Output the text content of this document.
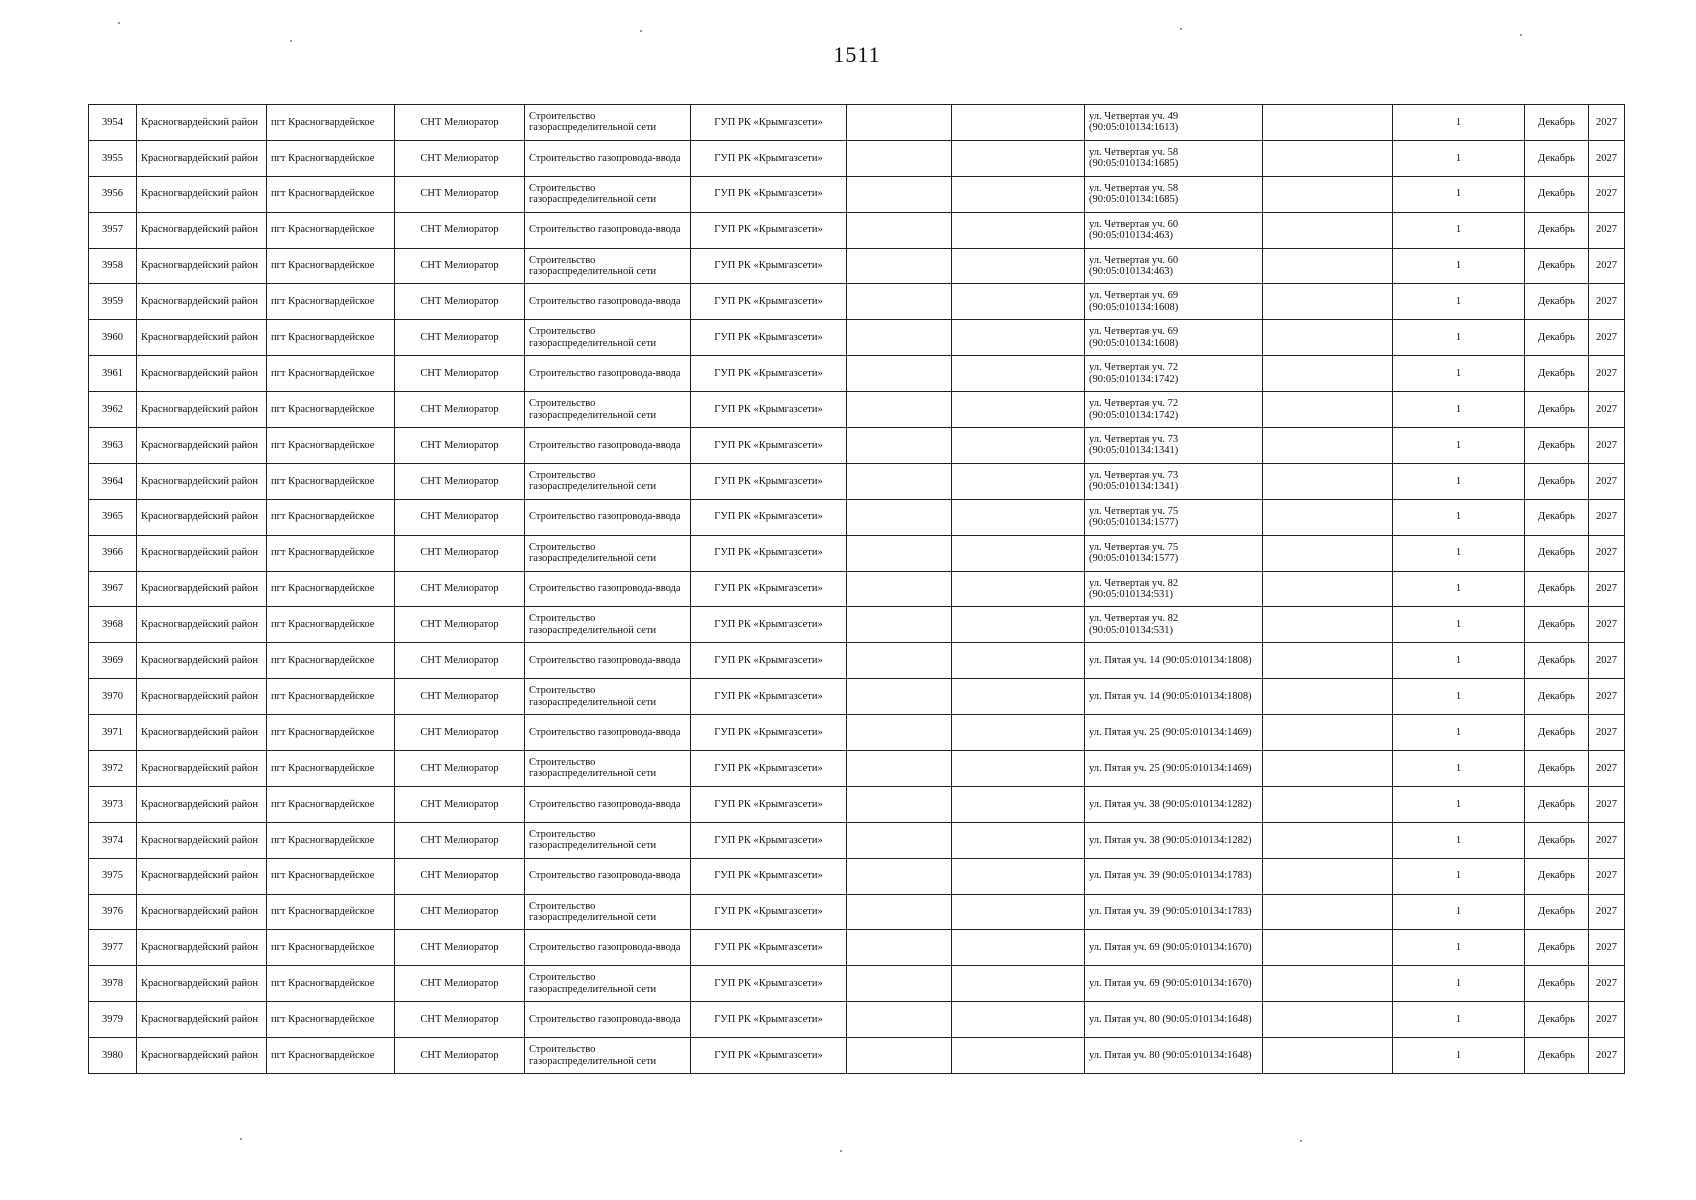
1511
3954	Красногвардейский район	пгт Красногвардейское	СНТ Мелиоратор	Строительство газораспределительной сети	ГУП РК «Крымгазсети»			ул. Четвертая уч. 49 (90:05:010134:1613)		1	Декабрь	2027
3955	Красногвардейский район	пгт Красногвардейское	СНТ Мелиоратор	Строительство газопровода-ввода	ГУП РК «Крымгазсети»			ул. Четвертая уч. 58 (90:05:010134:1685)		1	Декабрь	2027
3956	Красногвардейский район	пгт Красногвардейское	СНТ Мелиоратор	Строительство газораспределительной сети	ГУП РК «Крымгазсети»			ул. Четвертая уч. 58 (90:05:010134:1685)		1	Декабрь	2027
3957	Красногвардейский район	пгт Красногвардейское	СНТ Мелиоратор	Строительство газопровода-ввода	ГУП РК «Крымгазсети»			ул. Четвертая уч. 60 (90:05:010134:463)		1	Декабрь	2027
3958	Красногвардейский район	пгт Красногвардейское	СНТ Мелиоратор	Строительство газораспределительной сети	ГУП РК «Крымгазсети»			ул. Четвертая уч. 60 (90:05:010134:463)		1	Декабрь	2027
3959	Красногвардейский район	пгт Красногвардейское	СНТ Мелиоратор	Строительство газопровода-ввода	ГУП РК «Крымгазсети»			ул. Четвертая уч. 69 (90:05:010134:1608)		1	Декабрь	2027
3960	Красногвардейский район	пгт Красногвардейское	СНТ Мелиоратор	Строительство газораспределительной сети	ГУП РК «Крымгазсети»			ул. Четвертая уч. 69 (90:05:010134:1608)		1	Декабрь	2027
3961	Красногвардейский район	пгт Красногвардейское	СНТ Мелиоратор	Строительство газопровода-ввода	ГУП РК «Крымгазсети»			ул. Четвертая уч. 72 (90:05:010134:1742)		1	Декабрь	2027
3962	Красногвардейский район	пгт Красногвардейское	СНТ Мелиоратор	Строительство газораспределительной сети	ГУП РК «Крымгазсети»			ул. Четвертая уч. 72 (90:05:010134:1742)		1	Декабрь	2027
3963	Красногвардейский район	пгт Красногвардейское	СНТ Мелиоратор	Строительство газопровода-ввода	ГУП РК «Крымгазсети»			ул. Четвертая уч. 73 (90:05:010134:1341)		1	Декабрь	2027
3964	Красногвардейский район	пгт Красногвардейское	СНТ Мелиоратор	Строительство газораспределительной сети	ГУП РК «Крымгазсети»			ул. Четвертая уч. 73 (90:05:010134:1341)		1	Декабрь	2027
3965	Красногвардейский район	пгт Красногвардейское	СНТ Мелиоратор	Строительство газопровода-ввода	ГУП РК «Крымгазсети»			ул. Четвертая уч. 75 (90:05:010134:1577)		1	Декабрь	2027
3966	Красногвардейский район	пгт Красногвардейское	СНТ Мелиоратор	Строительство газораспределительной сети	ГУП РК «Крымгазсети»			ул. Четвертая уч. 75 (90:05:010134:1577)		1	Декабрь	2027
3967	Красногвардейский район	пгт Красногвардейское	СНТ Мелиоратор	Строительство газопровода-ввода	ГУП РК «Крымгазсети»			ул. Четвертая уч. 82 (90:05:010134:531)		1	Декабрь	2027
3968	Красногвардейский район	пгт Красногвардейское	СНТ Мелиоратор	Строительство газораспределительной сети	ГУП РК «Крымгазсети»			ул. Четвертая уч. 82 (90:05:010134:531)		1	Декабрь	2027
3969	Красногвардейский район	пгт Красногвардейское	СНТ Мелиоратор	Строительство газопровода-ввода	ГУП РК «Крымгазсети»			ул. Пятая уч. 14 (90:05:010134:1808)		1	Декабрь	2027
3970	Красногвардейский район	пгт Красногвардейское	СНТ Мелиоратор	Строительство газораспределительной сети	ГУП РК «Крымгазсети»			ул. Пятая уч. 14 (90:05:010134:1808)		1	Декабрь	2027
3971	Красногвардейский район	пгт Красногвардейское	СНТ Мелиоратор	Строительство газопровода-ввода	ГУП РК «Крымгазсети»			ул. Пятая уч. 25 (90:05:010134:1469)		1	Декабрь	2027
3972	Красногвардейский район	пгт Красногвардейское	СНТ Мелиоратор	Строительство газораспределительной сети	ГУП РК «Крымгазсети»			ул. Пятая уч. 25 (90:05:010134:1469)		1	Декабрь	2027
3973	Красногвардейский район	пгт Красногвардейское	СНТ Мелиоратор	Строительство газопровода-ввода	ГУП РК «Крымгазсети»			ул. Пятая уч. 38 (90:05:010134:1282)		1	Декабрь	2027
3974	Красногвардейский район	пгт Красногвардейское	СНТ Мелиоратор	Строительство газораспределительной сети	ГУП РК «Крымгазсети»			ул. Пятая уч. 38 (90:05:010134:1282)		1	Декабрь	2027
3975	Красногвардейский район	пгт Красногвардейское	СНТ Мелиоратор	Строительство газопровода-ввода	ГУП РК «Крымгазсети»			ул. Пятая уч. 39 (90:05:010134:1783)		1	Декабрь	2027
3976	Красногвардейский район	пгт Красногвардейское	СНТ Мелиоратор	Строительство газораспределительной сети	ГУП РК «Крымгазсети»			ул. Пятая уч. 39 (90:05:010134:1783)		1	Декабрь	2027
3977	Красногвардейский район	пгт Красногвардейское	СНТ Мелиоратор	Строительство газопровода-ввода	ГУП РК «Крымгазсети»			ул. Пятая уч. 69 (90:05:010134:1670)		1	Декабрь	2027
3978	Красногвардейский район	пгт Красногвардейское	СНТ Мелиоратор	Строительство газораспределительной сети	ГУП РК «Крымгазсети»			ул. Пятая уч. 69 (90:05:010134:1670)		1	Декабрь	2027
3979	Красногвардейский район	пгт Красногвардейское	СНТ Мелиоратор	Строительство газопровода-ввода	ГУП РК «Крымгазсети»			ул. Пятая уч. 80 (90:05:010134:1648)		1	Декабрь	2027
3980	Красногвардейский район	пгт Красногвардейское	СНТ Мелиоратор	Строительство газораспределительной сети	ГУП РК «Крымгазсети»			ул. Пятая уч. 80 (90:05:010134:1648)		1	Декабрь	2027
